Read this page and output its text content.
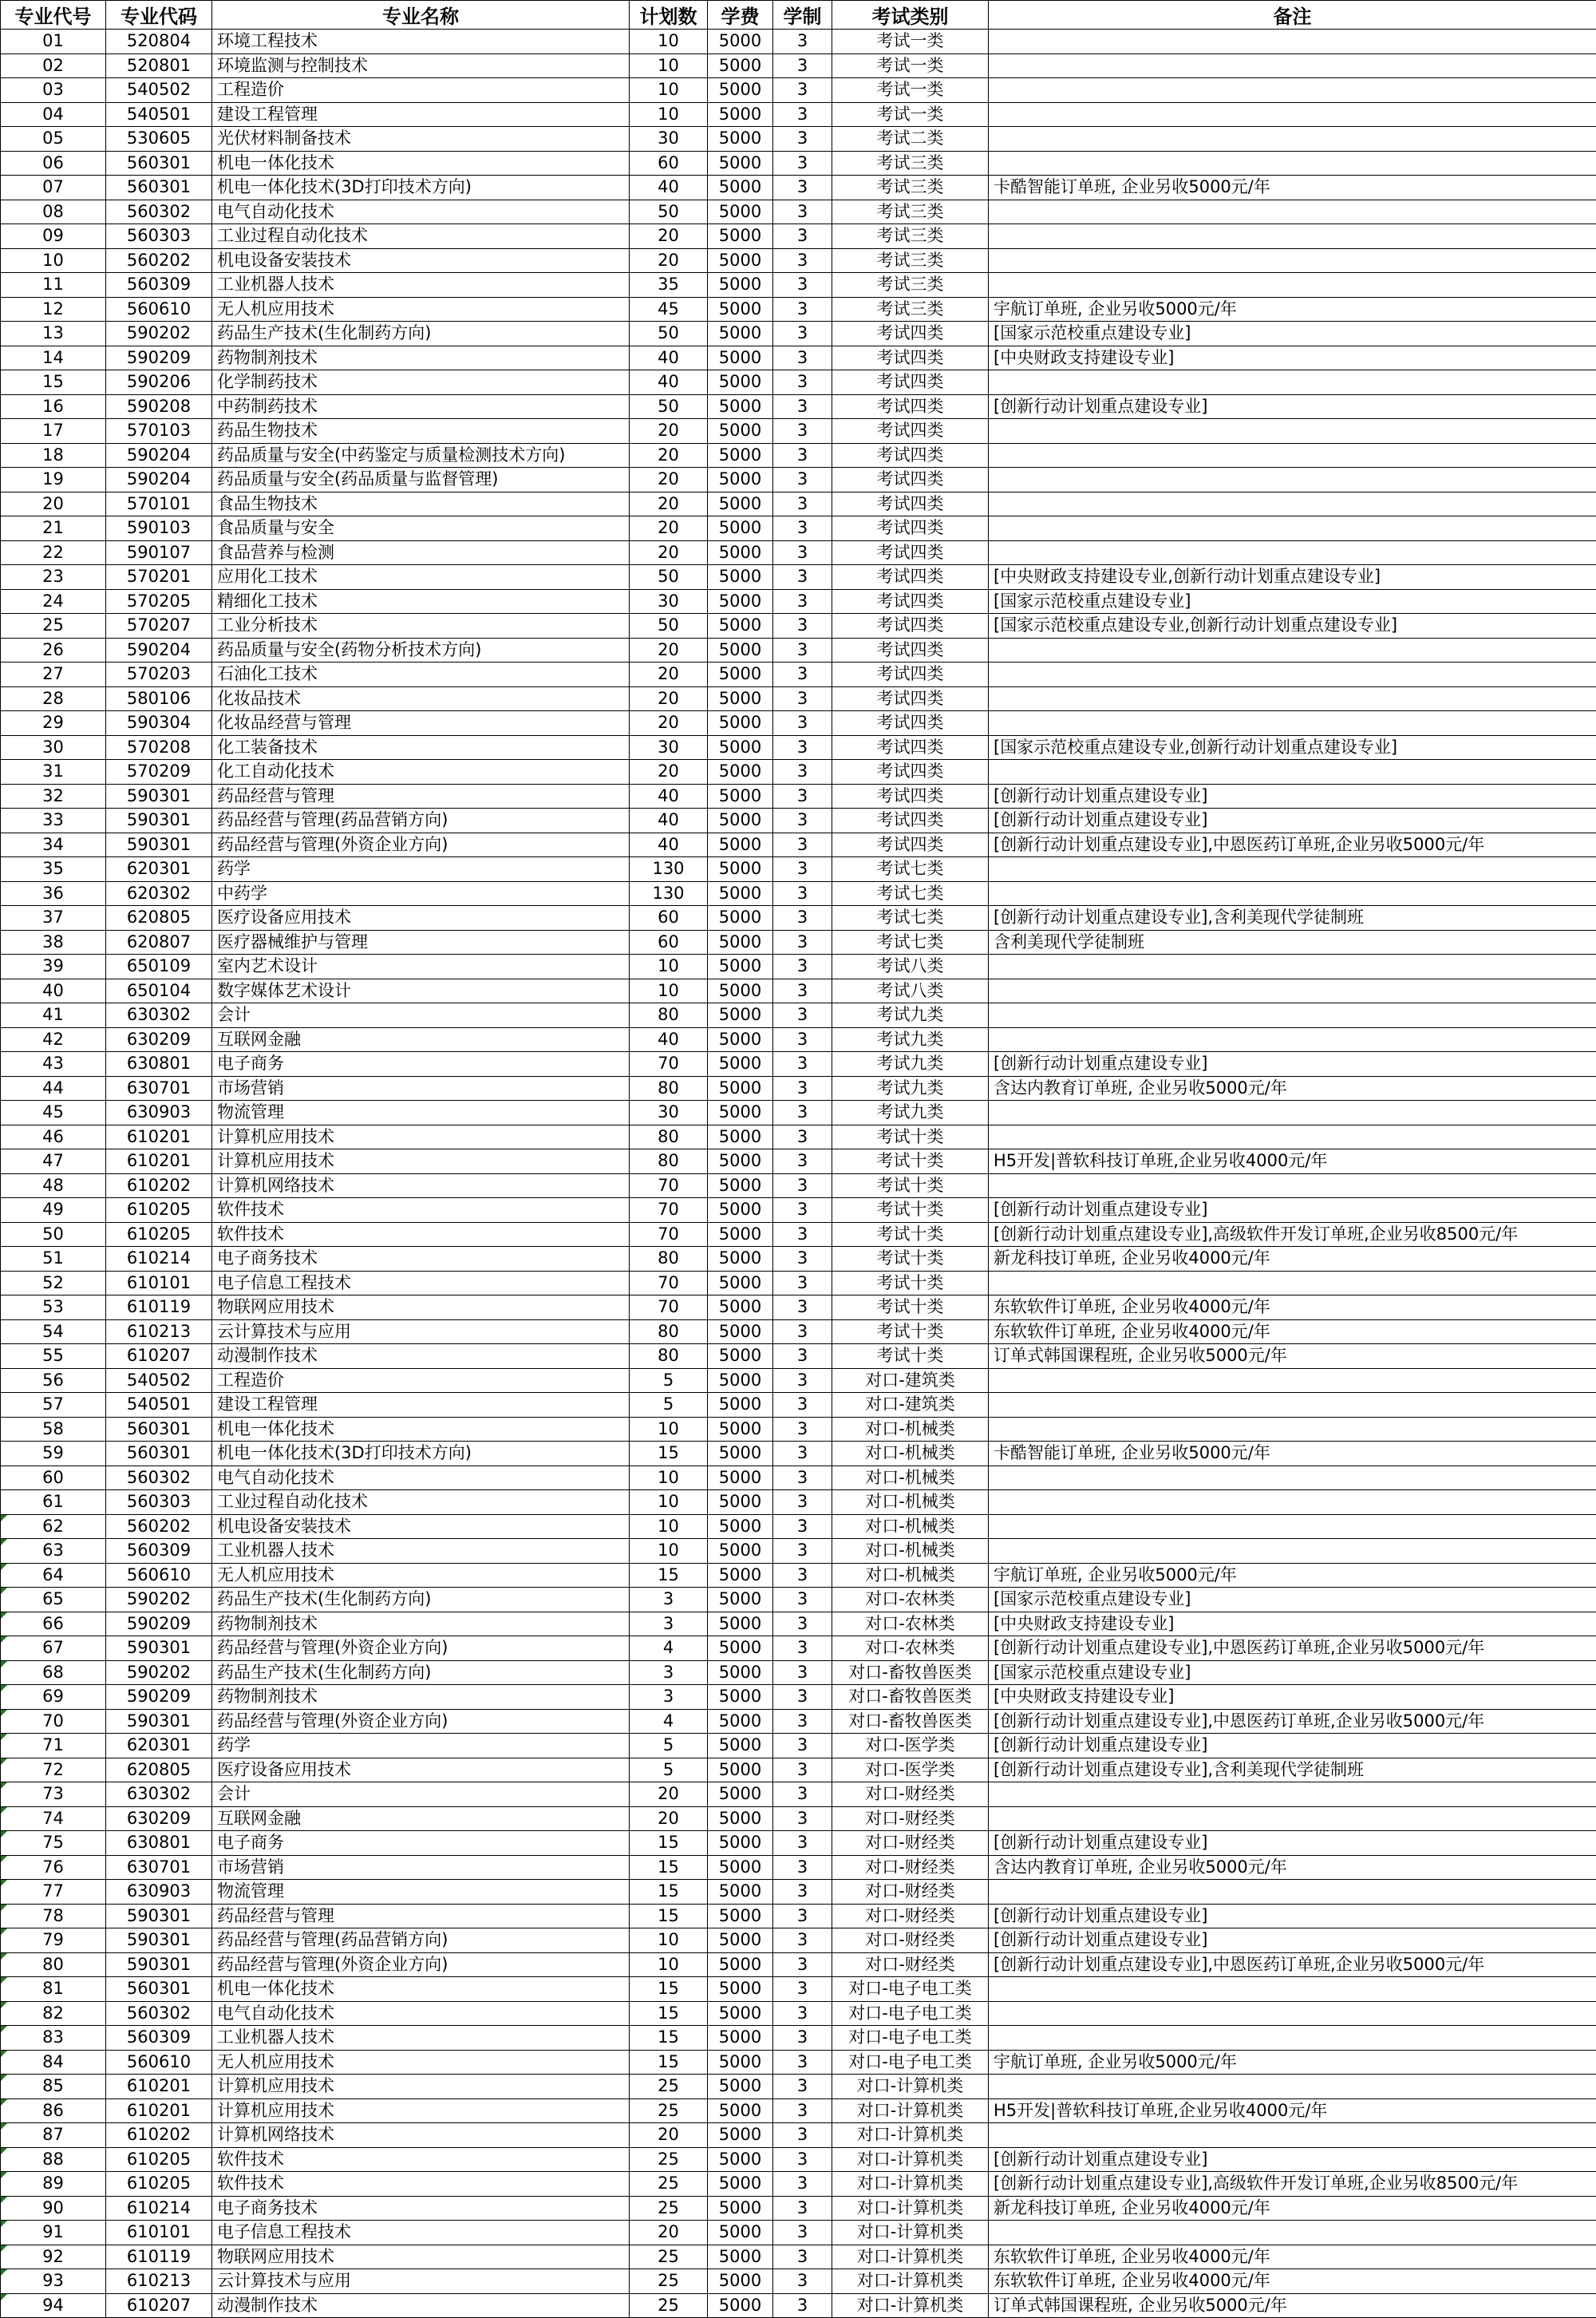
专业代号	专业代码	专业名称	计划数	学费	学制	考试类别	备注
01	520804	环境工程技术	10	5000	3	考试一类	
02	520801	环境监测与控制技术	10	5000	3	考试一类	
03	540502	工程造价	10	5000	3	考试一类	
04	540501	建设工程管理	10	5000	3	考试一类	
05	530605	光伏材料制备技术	30	5000	3	考试二类	
06	560301	机电一体化技术	60	5000	3	考试三类	
07	560301	机电一体化技术(3D打印技术方向)	40	5000	3	考试三类	卡酷智能订单班, 企业另收5000元/年
08	560302	电气自动化技术	50	5000	3	考试三类	
09	560303	工业过程自动化技术	20	5000	3	考试三类	
10	560202	机电设备安装技术	20	5000	3	考试三类	
11	560309	工业机器人技术	35	5000	3	考试三类	
12	560610	无人机应用技术	45	5000	3	考试三类	宇航订单班, 企业另收5000元/年
13	590202	药品生产技术(生化制药方向)	50	5000	3	考试四类	[国家示范校重点建设专业]
14	590209	药物制剂技术	40	5000	3	考试四类	[中央财政支持建设专业]
15	590206	化学制药技术	40	5000	3	考试四类	
16	590208	中药制药技术	50	5000	3	考试四类	[创新行动计划重点建设专业]
17	570103	药品生物技术	20	5000	3	考试四类	
18	590204	药品质量与安全(中药鉴定与质量检测技术方向)	20	5000	3	考试四类	
19	590204	药品质量与安全(药品质量与监督管理)	20	5000	3	考试四类	
20	570101	食品生物技术	20	5000	3	考试四类	
21	590103	食品质量与安全	20	5000	3	考试四类	
22	590107	食品营养与检测	20	5000	3	考试四类	
23	570201	应用化工技术	50	5000	3	考试四类	[中央财政支持建设专业,创新行动计划重点建设专业]
24	570205	精细化工技术	30	5000	3	考试四类	[国家示范校重点建设专业]
25	570207	工业分析技术	50	5000	3	考试四类	[国家示范校重点建设专业,创新行动计划重点建设专业]
26	590204	药品质量与安全(药物分析技术方向)	20	5000	3	考试四类	
27	570203	石油化工技术	20	5000	3	考试四类	
28	580106	化妆品技术	20	5000	3	考试四类	
29	590304	化妆品经营与管理	20	5000	3	考试四类	
30	570208	化工装备技术	30	5000	3	考试四类	[国家示范校重点建设专业,创新行动计划重点建设专业]
31	570209	化工自动化技术	20	5000	3	考试四类	
32	590301	药品经营与管理	40	5000	3	考试四类	[创新行动计划重点建设专业]
33	590301	药品经营与管理(药品营销方向)	40	5000	3	考试四类	[创新行动计划重点建设专业]
34	590301	药品经营与管理(外资企业方向)	40	5000	3	考试四类	[创新行动计划重点建设专业],中恩医药订单班,企业另收5000元/年
35	620301	药学	130	5000	3	考试七类	
36	620302	中药学	130	5000	3	考试七类	
37	620805	医疗设备应用技术	60	5000	3	考试七类	[创新行动计划重点建设专业],含利美现代学徒制班
38	620807	医疗器械维护与管理	60	5000	3	考试七类	含利美现代学徒制班
39	650109	室内艺术设计	10	5000	3	考试八类	
40	650104	数字媒体艺术设计	10	5000	3	考试八类	
41	630302	会计	80	5000	3	考试九类	
42	630209	互联网金融	40	5000	3	考试九类	
43	630801	电子商务	70	5000	3	考试九类	[创新行动计划重点建设专业]
44	630701	市场营销	80	5000	3	考试九类	含达内教育订单班, 企业另收5000元/年
45	630903	物流管理	30	5000	3	考试九类	
46	610201	计算机应用技术	80	5000	3	考试十类	
47	610201	计算机应用技术	80	5000	3	考试十类	H5开发|普软科技订单班,企业另收4000元/年
48	610202	计算机网络技术	70	5000	3	考试十类	
49	610205	软件技术	70	5000	3	考试十类	[创新行动计划重点建设专业]
50	610205	软件技术	70	5000	3	考试十类	[创新行动计划重点建设专业],高级软件开发订单班,企业另收8500元/年
51	610214	电子商务技术	80	5000	3	考试十类	新龙科技订单班, 企业另收4000元/年
52	610101	电子信息工程技术	70	5000	3	考试十类	
53	610119	物联网应用技术	70	5000	3	考试十类	东软软件订单班, 企业另收4000元/年
54	610213	云计算技术与应用	80	5000	3	考试十类	东软软件订单班, 企业另收4000元/年
55	610207	动漫制作技术	80	5000	3	考试十类	订单式韩国课程班, 企业另收5000元/年
56	540502	工程造价	5	5000	3	对口-建筑类	
57	540501	建设工程管理	5	5000	3	对口-建筑类	
58	560301	机电一体化技术	10	5000	3	对口-机械类	
59	560301	机电一体化技术(3D打印技术方向)	15	5000	3	对口-机械类	卡酷智能订单班, 企业另收5000元/年
60	560302	电气自动化技术	10	5000	3	对口-机械类	
61	560303	工业过程自动化技术	10	5000	3	对口-机械类	
62	560202	机电设备安装技术	10	5000	3	对口-机械类	
63	560309	工业机器人技术	10	5000	3	对口-机械类	
64	560610	无人机应用技术	15	5000	3	对口-机械类	宇航订单班, 企业另收5000元/年
65	590202	药品生产技术(生化制药方向)	3	5000	3	对口-农林类	[国家示范校重点建设专业]
66	590209	药物制剂技术	3	5000	3	对口-农林类	[中央财政支持建设专业]
67	590301	药品经营与管理(外资企业方向)	4	5000	3	对口-农林类	[创新行动计划重点建设专业],中恩医药订单班,企业另收5000元/年
68	590202	药品生产技术(生化制药方向)	3	5000	3	对口-畜牧兽医类	[国家示范校重点建设专业]
69	590209	药物制剂技术	3	5000	3	对口-畜牧兽医类	[中央财政支持建设专业]
70	590301	药品经营与管理(外资企业方向)	4	5000	3	对口-畜牧兽医类	[创新行动计划重点建设专业],中恩医药订单班,企业另收5000元/年
71	620301	药学	5	5000	3	对口-医学类	[创新行动计划重点建设专业]
72	620805	医疗设备应用技术	5	5000	3	对口-医学类	[创新行动计划重点建设专业],含利美现代学徒制班
73	630302	会计	20	5000	3	对口-财经类	
74	630209	互联网金融	20	5000	3	对口-财经类	
75	630801	电子商务	15	5000	3	对口-财经类	[创新行动计划重点建设专业]
76	630701	市场营销	15	5000	3	对口-财经类	含达内教育订单班, 企业另收5000元/年
77	630903	物流管理	15	5000	3	对口-财经类	
78	590301	药品经营与管理	15	5000	3	对口-财经类	[创新行动计划重点建设专业]
79	590301	药品经营与管理(药品营销方向)	10	5000	3	对口-财经类	[创新行动计划重点建设专业]
80	590301	药品经营与管理(外资企业方向)	10	5000	3	对口-财经类	[创新行动计划重点建设专业],中恩医药订单班,企业另收5000元/年
81	560301	机电一体化技术	15	5000	3	对口-电子电工类	
82	560302	电气自动化技术	15	5000	3	对口-电子电工类	
83	560309	工业机器人技术	15	5000	3	对口-电子电工类	
84	560610	无人机应用技术	15	5000	3	对口-电子电工类	宇航订单班, 企业另收5000元/年
85	610201	计算机应用技术	25	5000	3	对口-计算机类	
86	610201	计算机应用技术	25	5000	3	对口-计算机类	H5开发|普软科技订单班,企业另收4000元/年
87	610202	计算机网络技术	20	5000	3	对口-计算机类	
88	610205	软件技术	25	5000	3	对口-计算机类	[创新行动计划重点建设专业]
89	610205	软件技术	25	5000	3	对口-计算机类	[创新行动计划重点建设专业],高级软件开发订单班,企业另收8500元/年
90	610214	电子商务技术	25	5000	3	对口-计算机类	新龙科技订单班, 企业另收4000元/年
91	610101	电子信息工程技术	20	5000	3	对口-计算机类	
92	610119	物联网应用技术	25	5000	3	对口-计算机类	东软软件订单班, 企业另收4000元/年
93	610213	云计算技术与应用	25	5000	3	对口-计算机类	东软软件订单班, 企业另收4000元/年
94	610207	动漫制作技术	25	5000	3	对口-计算机类	订单式韩国课程班, 企业另收5000元/年
